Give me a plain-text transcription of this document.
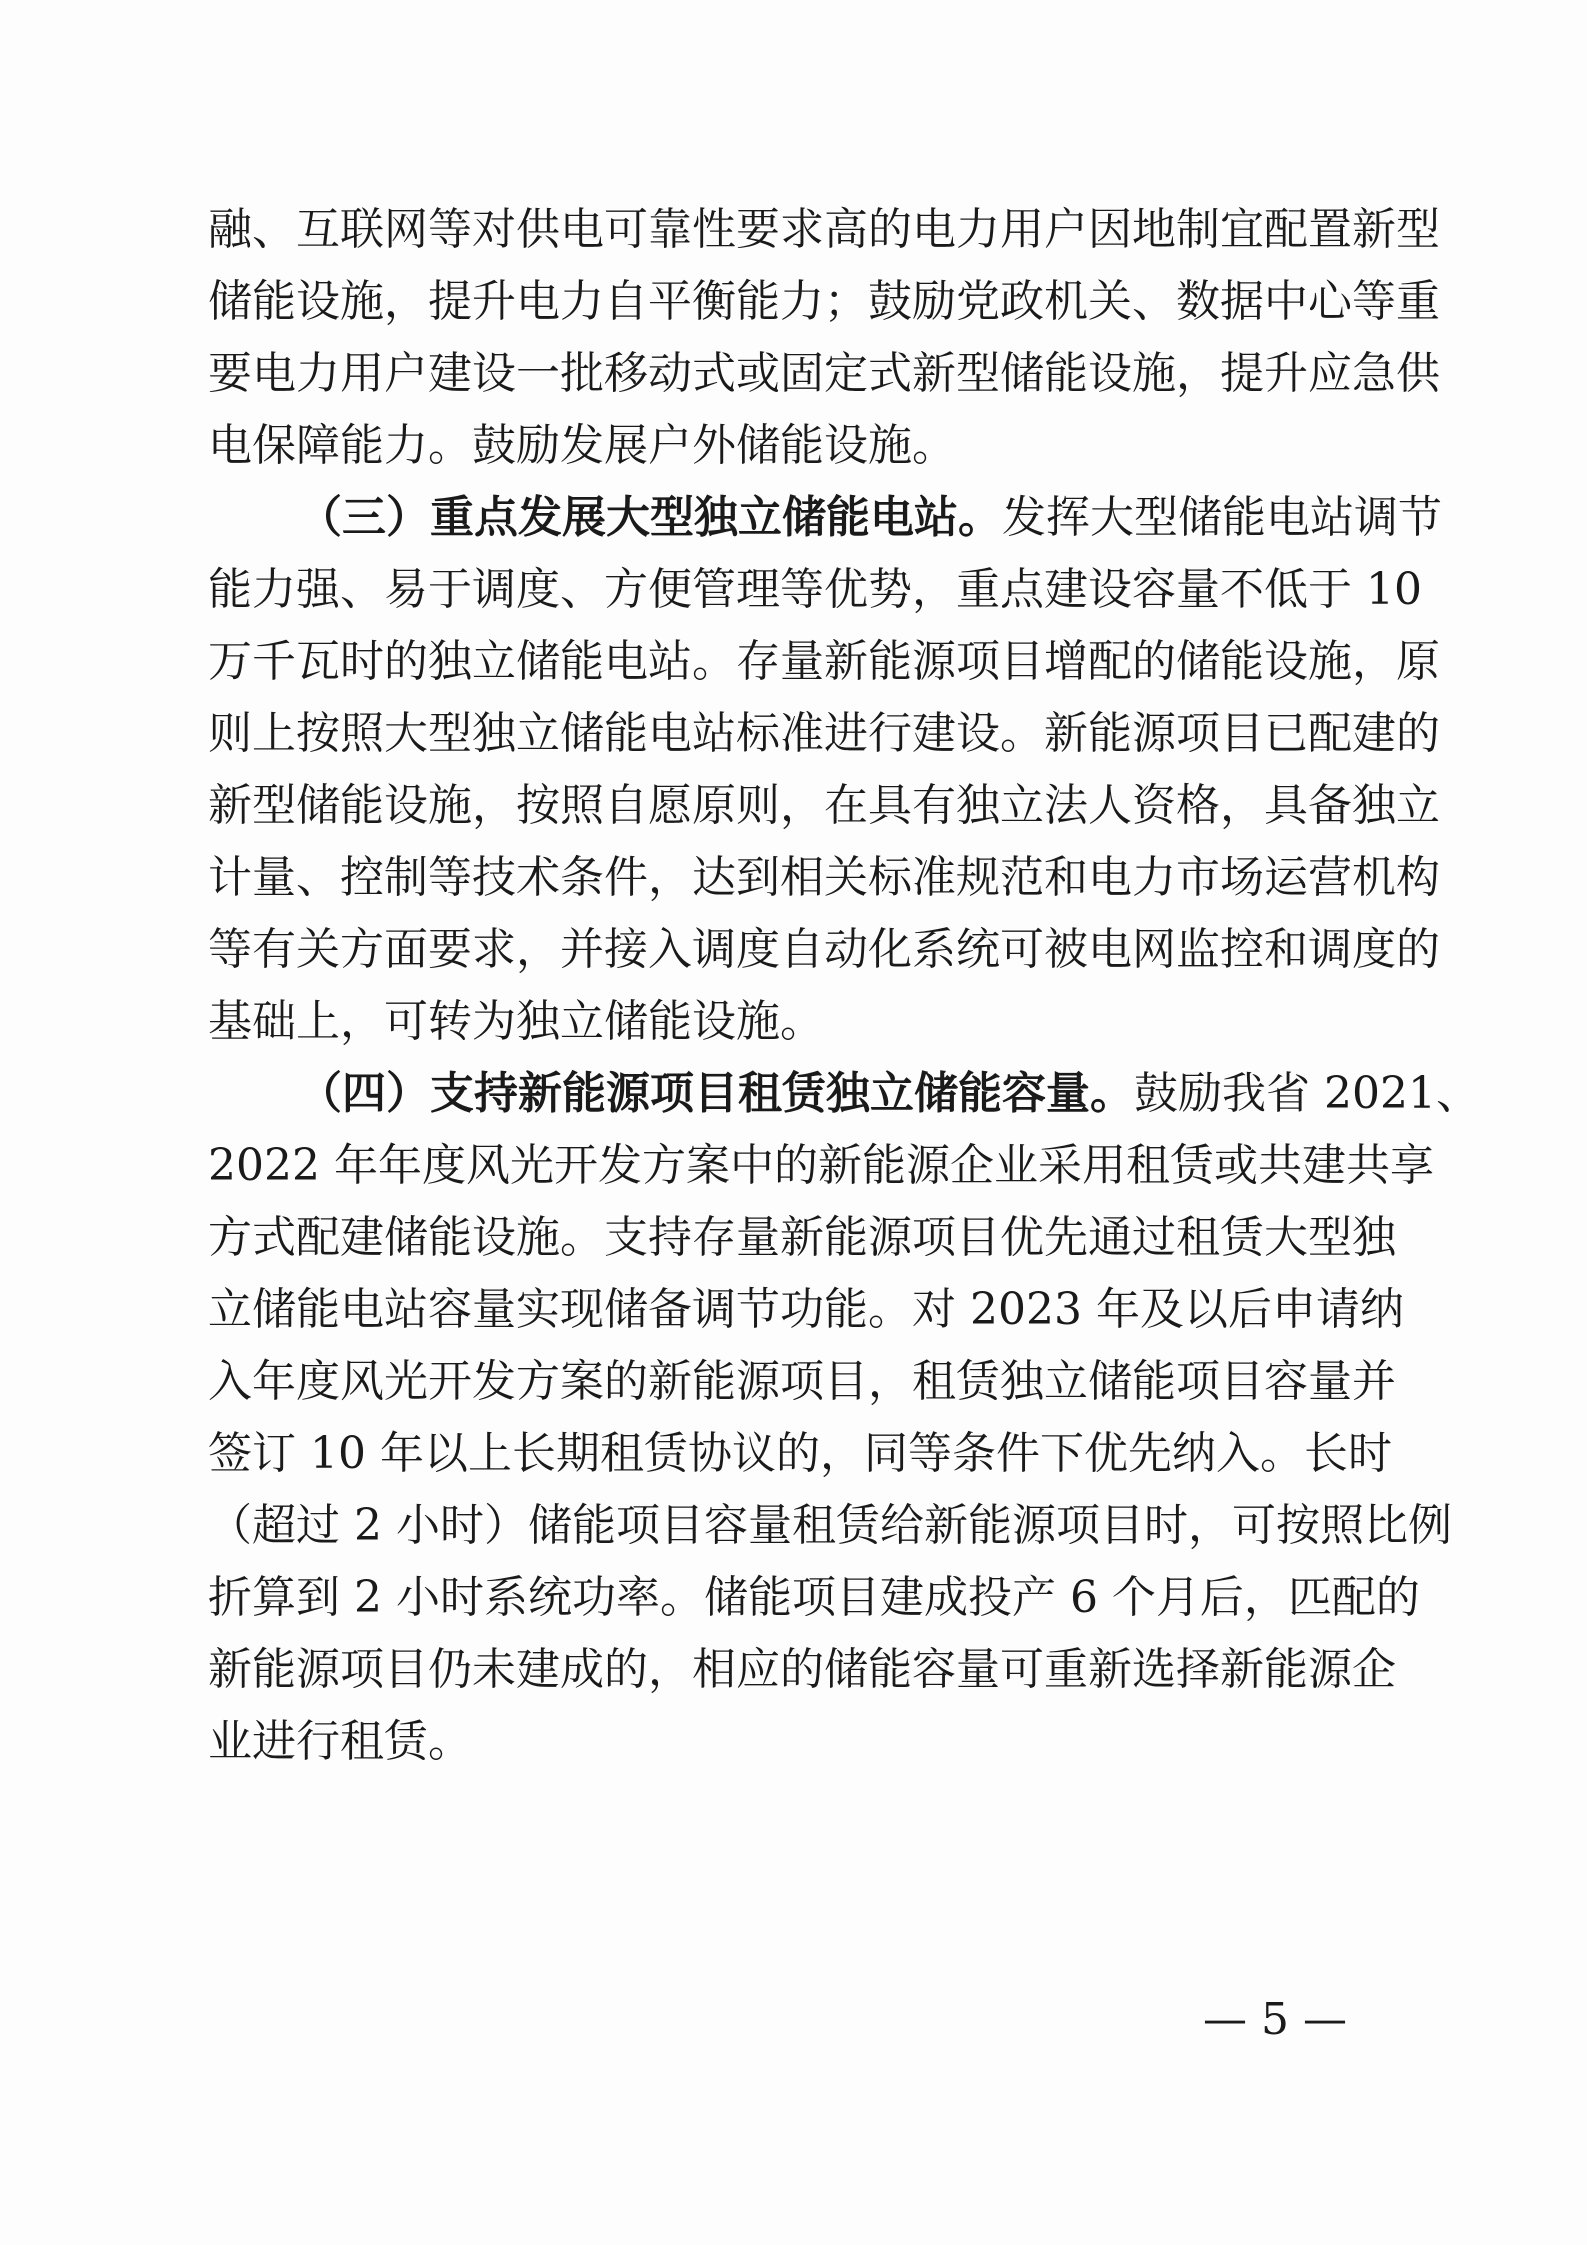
融、互联网等对供电可靠性要求高的电力用户因地制宜配置新型
储能设施，提升电力自平衡能力；鼓励党政机关、数据中心等重
要电力用户建设一批移动式或固定式新型储能设施，提升应急供
电保障能力。鼓励发展户外储能设施。
（三）重点发展大型独立储能电站。发挥大型储能电站调节
能力强、易于调度、方便管理等优势，重点建设容量不低于 10
万千瓦时的独立储能电站。存量新能源项目增配的储能设施，原
则上按照大型独立储能电站标准进行建设。新能源项目已配建的
新型储能设施，按照自愿原则，在具有独立法人资格，具备独立
计量、控制等技术条件，达到相关标准规范和电力市场运营机构
等有关方面要求，并接入调度自动化系统可被电网监控和调度的
基础上，可转为独立储能设施。
（四）支持新能源项目租赁独立储能容量。鼓励我省 2021、
2022 年年度风光开发方案中的新能源企业采用租赁或共建共享
方式配建储能设施。支持存量新能源项目优先通过租赁大型独
立储能电站容量实现储备调节功能。对 2023 年及以后申请纳
入年度风光开发方案的新能源项目，租赁独立储能项目容量并
签订 10 年以上长期租赁协议的，同等条件下优先纳入。长时
（超过 2 小时）储能项目容量租赁给新能源项目时，可按照比例
折算到 2 小时系统功率。储能项目建成投产 6 个月后，匹配的
新能源项目仍未建成的，相应的储能容量可重新选择新能源企
业进行租赁。
— 5 —
